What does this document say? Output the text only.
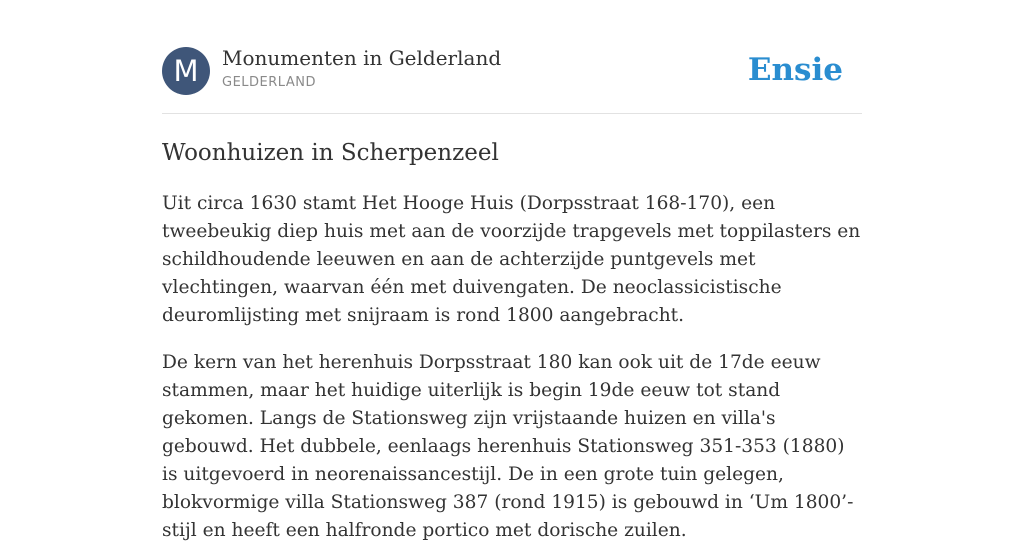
M	Monumenten in Gelderland
GELDERLAND	Ensie
Woonhuizen in Scherpenzeel

Uit circa 1630 stamt Het Hooge Huis (Dorpsstraat 168-170), een tweebeukig diep huis met aan de voorzijde trapgevels met toppilasters en schildhoudende leeuwen en aan de achterzijde puntgevels met vlechtingen, waarvan één met duivengaten. De neoclassicistische deuromlijsting met snijraam is rond 1800 aangebracht.

De kern van het herenhuis Dorpsstraat 180 kan ook uit de 17de eeuw stammen, maar het huidige uiterlijk is begin 19de eeuw tot stand gekomen. Langs de Stationsweg zijn vrijstaande huizen en villa's gebouwd. Het dubbele, eenlaags herenhuis Stationsweg 351-353 (1880) is uitgevoerd in neorenaissancestijl. De in een grote tuin gelegen, blokvormige villa Stationsweg 387 (rond 1915) is gebouwd in ‘Um 1800’-stijl en heeft een halfronde portico met dorische zuilen.
